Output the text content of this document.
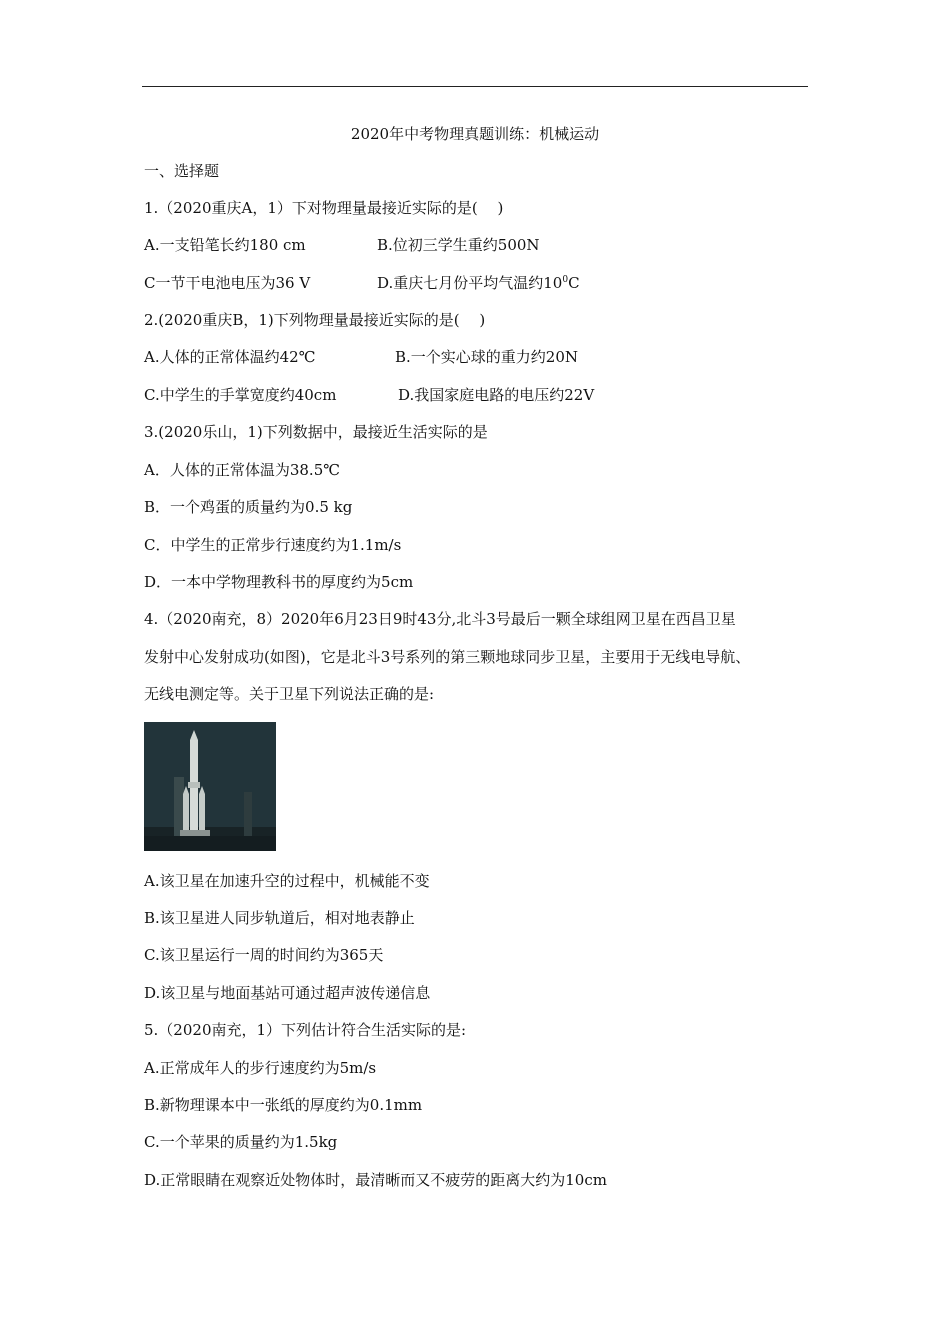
2020年中考物理真题训练：机械运动
一、选择题
1.（2020重庆A，1）下对物理量最接近实际的是(　 )
A.一支铅笔长约180 cm	B.位初三学生重约500N
C一节干电池电压为36 V	D.重庆七月份平均气温约$10^0C$
2.(2020重庆B，1)下列物理量最接近实际的是(　 )
A.人体的正常体温约42℃	B.一个实心球的重力约20N
C.中学生的手掌宽度约40cm	D.我国家庭电路的电压约22V
3.(2020乐山，1)下列数据中，最接近生活实际的是
A．人体的正常体温为38.5℃
B．一个鸡蛋的质量约为0.5 kg
C．中学生的正常步行速度约为1.1m/s
D．一本中学物理教科书的厚度约为5cm
4.（2020南充，8）2020年6月23日9时43分,北斗3号最后一颗全球组网卫星在西昌卫星
发射中心发射成功(如图)，它是北斗3号系列的第三颗地球同步卫星，主要用于无线电导航、
无线电测定等。关于卫星下列说法正确的是:
A.该卫星在加速升空的过程中，机械能不变
B.该卫星进人同步轨道后，相对地表静止
C.该卫星运行一周的时间约为365天
D.该卫星与地面基站可通过超声波传递信息
5.（2020南充，1）下列估计符合生活实际的是:
A.正常成年人的步行速度约为5m/s
B.新物理课本中一张纸的厚度约为0.1mm
C.一个苹果的质量约为1.5kg
D.正常眼睛在观察近处物体时，最清晰而又不疲劳的距离大约为10cm
